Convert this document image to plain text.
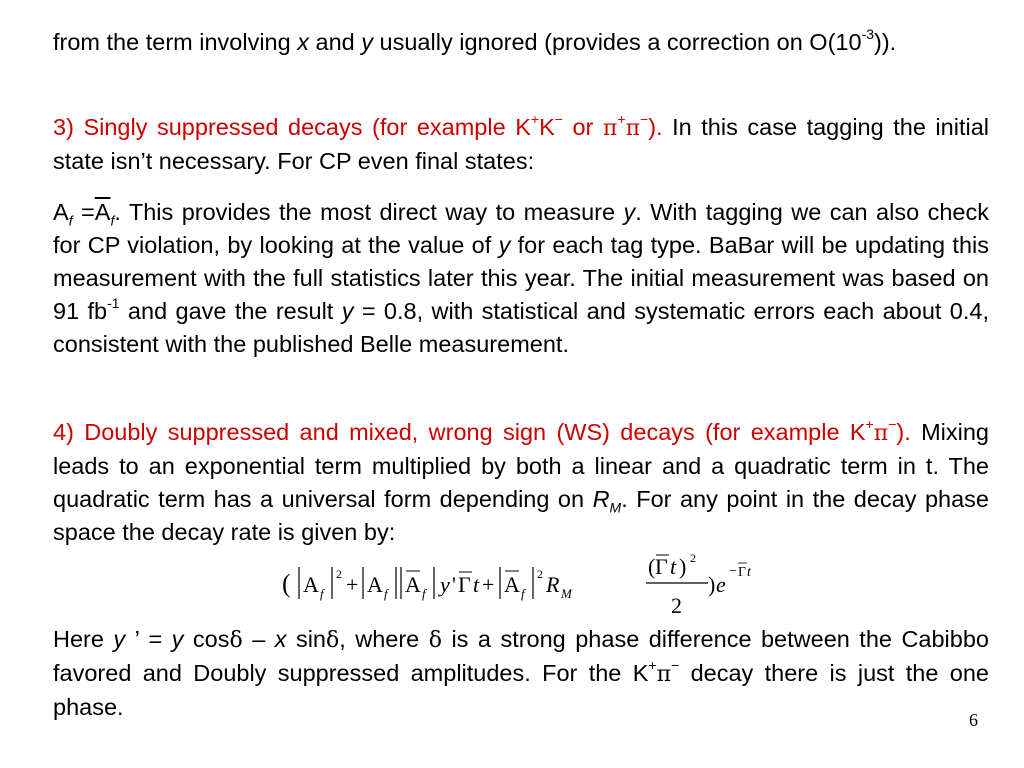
from the term involving x and y usually ignored (provides a correction on $O(10^{-3})$).
3) Singly suppressed decays (for example K+K− or π+π−). In this case tagging the initial state isn’t necessary. For CP even final states:
$A_f =\overline{A}_f$. This provides the most direct way to measure y. With tagging we can also check for CP violation, by looking at the value of y for each tag type. BaBar will be updating this measurement with the full statistics later this year. The initial measurement was based on 91 $fb^{-1}$ and gave the result y = 0.8, with statistical and systematic errors each about 0.4, consistent with the published Belle measurement.
4) Doubly suppressed and mixed, wrong sign (WS) decays (for example K+π−). Mixing leads to an exponential term multiplied by both a linear and a quadratic term in t. The quadratic term has a universal form depending on $R_M$. For any point in the decay phase space the decay rate is given by:
( A f
2 + A f A f y ' Γ t + A f
2 R M
( Γ t ) 2
2
) e
− Γ t
Here y ’ = y cosδ – x sinδ, where δ is a strong phase difference between the Cabibbo favored and Doubly suppressed amplitudes. For the K+π− decay there is just the one phase.	6
